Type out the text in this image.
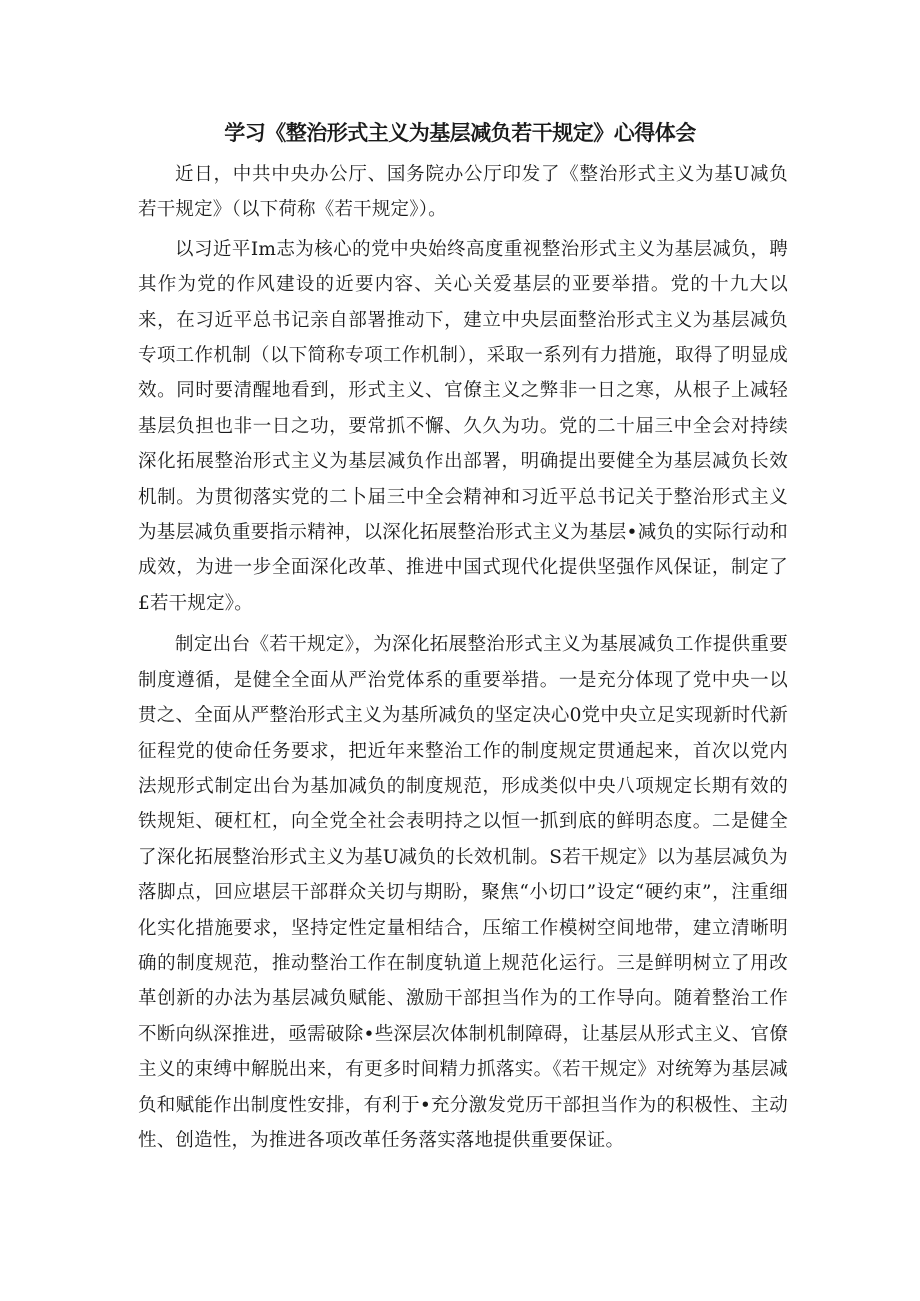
学习《整治形式主义为基层减负若干规定》心得体会

近日，中共中央办公厅、国务院办公厅印发了《整治形式主义为基U减负若干规定》（以下荷称《若干规定》）。

以习近平Im志为核心的党中央始终高度重视整治形式主义为基层减负，聘其作为党的作风建设的近要内容、关心关爱基层的亚要举措。党的十九大以来，在习近平总书记亲自部署推动下，建立中央层面整治形式主义为基层减负专项工作机制（以下简称专项工作机制），采取一系列有力措施，取得了明显成效。同时要清醒地看到，形式主义、官僚主义之弊非一日之寒，从根子上减轻基层负担也非一日之功，要常抓不懈、久久为功。党的二十届三中全会对持续深化拓展整治形式主义为基层减负作出部署，明确提出要健全为基层减负长效机制。为贯彻落实党的二卜届三中全会精神和习近平总书记关于整治形式主义为基层减负重要指示精神，以深化拓展整治形式主义为基层•减负的实际行动和成效，为进一步全面深化改革、推进中国式现代化提供坚强作风保证，制定了£若干规定》。

制定出台《若干规定》，为深化拓展整治形式主义为基展减负工作提供重要制度遵循，是健全全面从严治党体系的重要举措。一是充分体现了党中央一以贯之、全面从严整治形式主义为基所减负的坚定决心0党中央立足实现新时代新征程党的使命任务要求，把近年来整治工作的制度规定贯通起来，首次以党内法规形式制定出台为基加减负的制度规范，形成类似中央八项规定长期有效的铁规矩、硬杠杠，向全党全社会表明持之以恒一抓到底的鲜明态度。二是健全了深化拓展整治形式主义为基U减负的长效机制。S若干规定》以为基层减负为落脚点，回应堪层干部群众关切与期盼，聚焦“小切口”设定“硬约束”，注重细化实化措施要求，坚持定性定量相结合，压缩工作模树空间地带，建立清晰明确的制度规范，推动整治工作在制度轨道上规范化运行。三是鲜明树立了用改革创新的办法为基层减负赋能、激励干部担当作为的工作导向。随着整治工作不断向纵深推进，亟需破除•些深层次体制机制障碍，让基层从形式主义、官僚主义的束缚中解脱出来，有更多时间精力抓落实。《若干规定》对统筹为基层减负和赋能作出制度性安排，有利于•充分激发党历干部担当作为的积极性、主动性、创造性，为推进各项改革任务落实落地提供重要保证。
